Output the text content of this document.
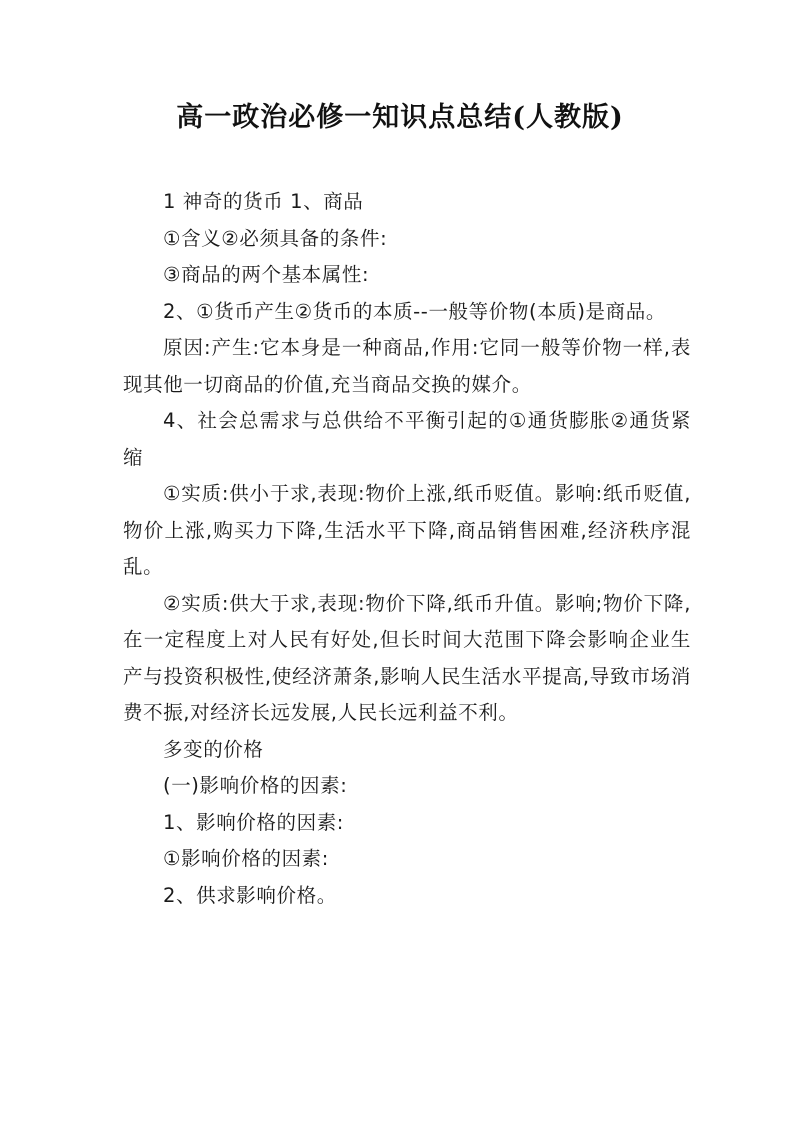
高一政治必修一知识点总结(人教版)

1 神奇的货币 1、商品

①含义②必须具备的条件:

③商品的两个基本属性:

2、①货币产生②货币的本质--一般等价物(本质)是商品。

原因:产生:它本身是一种商品,作用:它同一般等价物一样,表现其他一切商品的价值,充当商品交换的媒介。

4、社会总需求与总供给不平衡引起的①通货膨胀②通货紧缩

①实质:供小于求,表现:物价上涨,纸币贬值。影响:纸币贬值,物价上涨,购买力下降,生活水平下降,商品销售困难,经济秩序混乱。

②实质:供大于求,表现:物价下降,纸币升值。影响;物价下降,在一定程度上对人民有好处,但长时间大范围下降会影响企业生产与投资积极性,使经济萧条,影响人民生活水平提高,导致市场消费不振,对经济长远发展,人民长远利益不利。

多变的价格

(一)影响价格的因素:

1、影响价格的因素:

①影响价格的因素:

2、供求影响价格。
